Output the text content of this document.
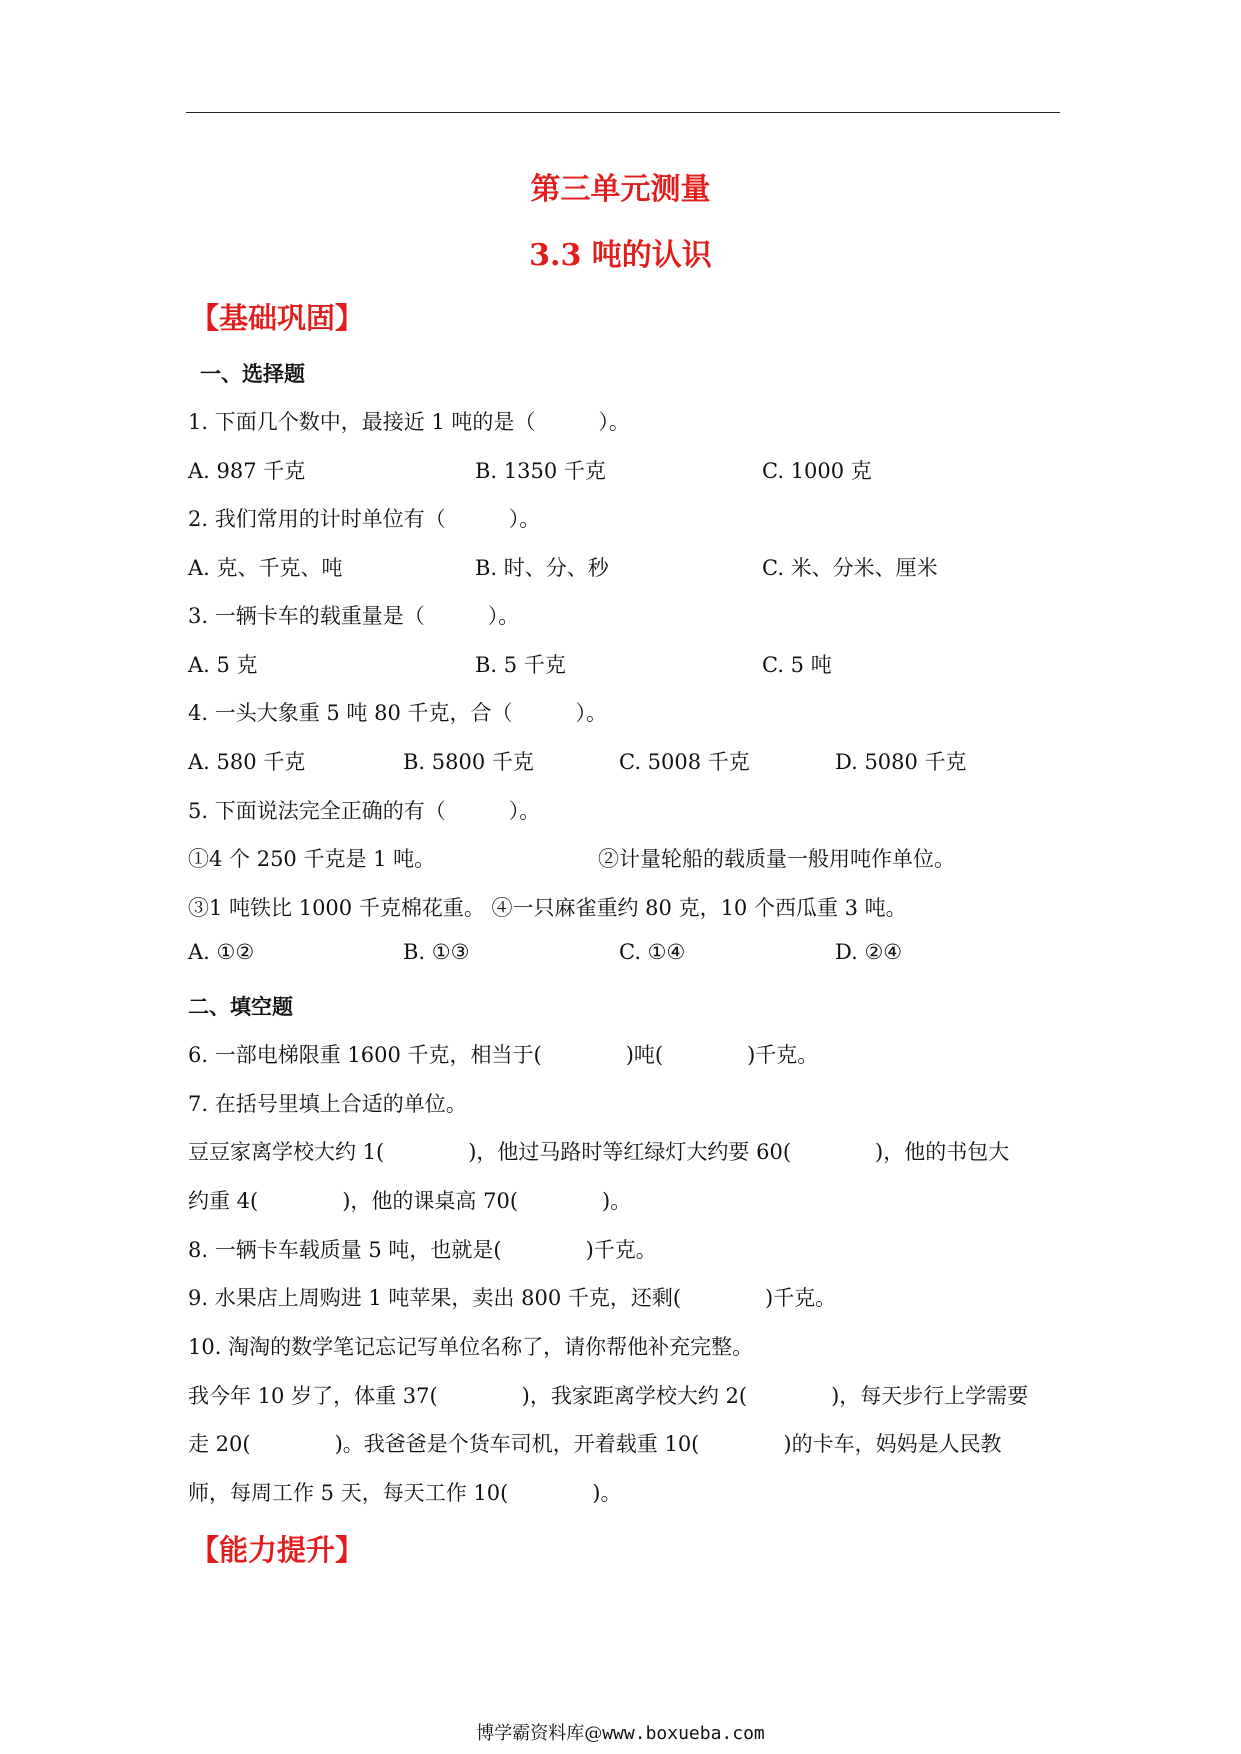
第三单元测量
3.3 吨的认识
【基础巩固】
一、选择题
1. 下面几个数中，最接近 1 吨的是（　　　）。
A. 987 千克	B. 1350 千克	C. 1000 克
2. 我们常用的计时单位有（　　　）。
A. 克、千克、吨	B. 时、分、秒	C. 米、分米、厘米
3. 一辆卡车的载重量是（　　　）。
A. 5 克	B. 5 千克	C. 5 吨
4. 一头大象重 5 吨 80 千克，合（　　　）。
A. 580 千克	B. 5800 千克	C. 5008 千克	D. 5080 千克
5. 下面说法完全正确的有（　　　）。
①4 个 250 千克是 1 吨。	②计量轮船的载质量一般用吨作单位。
③1 吨铁比 1000 千克棉花重。 ④一只麻雀重约 80 克，10 个西瓜重 3 吨。
A. ①②	B. ①③	C. ①④	D. ②④
二、填空题
6. 一部电梯限重 1600 千克，相当于(　　　　)吨(　　　　)千克。
7. 在括号里填上合适的单位。
豆豆家离学校大约 1(　　　　)，他过马路时等红绿灯大约要 60(　　　　)，他的书包大
约重 4(　　　　)，他的课桌高 70(　　　　)。
8. 一辆卡车载质量 5 吨，也就是(　　　　)千克。
9. 水果店上周购进 1 吨苹果，卖出 800 千克，还剩(　　　　)千克。
10. 淘淘的数学笔记忘记写单位名称了，请你帮他补充完整。
我今年 10 岁了，体重 37(　　　　)，我家距离学校大约 2(　　　　)，每天步行上学需要
走 20(　　　　)。我爸爸是个货车司机，开着载重 10(　　　　)的卡车，妈妈是人民教
师，每周工作 5 天，每天工作 10(　　　　)。
【能力提升】
博学霸资料库@www.boxueba.com
